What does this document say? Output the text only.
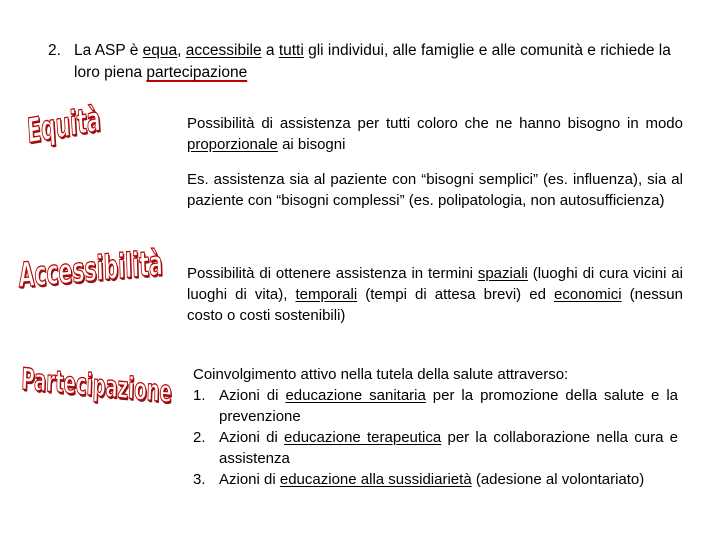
2. La ASP è equa, accessibile a tutti gli individui, alle famiglie e alle comunità e richiede la loro piena partecipazione
Equità
Accessibilità
Partecipazione

Possibilità di assistenza per tutti coloro che ne hanno bisogno in modo proporzionale ai bisogni

Es. assistenza sia al paziente con “bisogni semplici” (es. influenza), sia al paziente con “bisogni complessi” (es. polipatologia, non autosufficienza)

Possibilità di ottenere assistenza in termini spaziali (luoghi di cura vicini ai luoghi di vita), temporali (tempi di attesa brevi) ed economici (nessun costo o costi sostenibili)

Coinvolgimento attivo nella tutela della salute attraverso:

1. Azioni di educazione sanitaria per la promozione della salute e la prevenzione
2. Azioni di educazione terapeutica per la collaborazione nella cura e assistenza
3. Azioni di educazione alla sussidiarietà (adesione al volontariato)
